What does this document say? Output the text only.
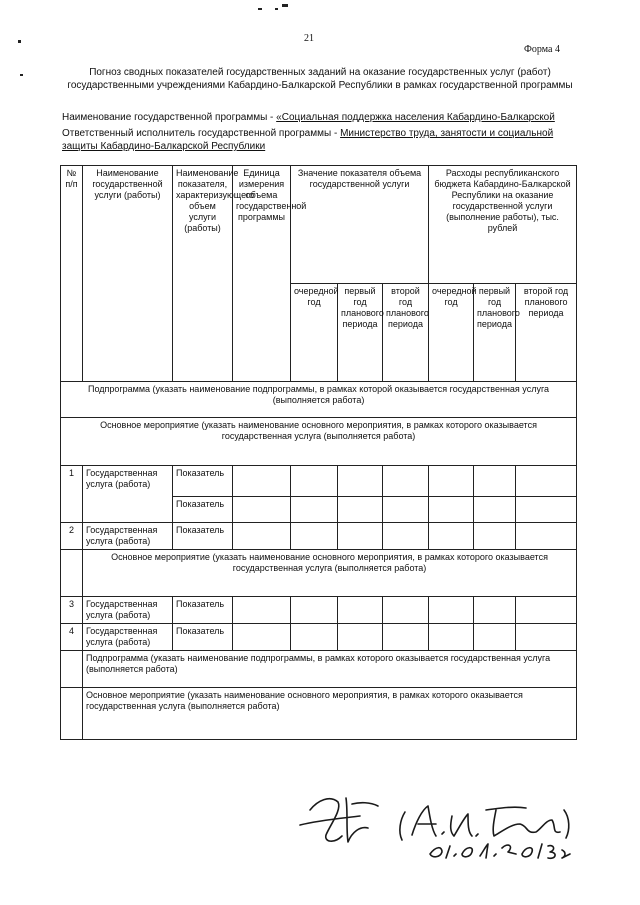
21
Форма 4
Погноз сводных показателей государственных заданий на оказание государственных услуг (работ) государственными учреждениями Кабардино-Балкарской Республики в рамках государственной программы
Наименование государственной программы - «Социальная поддержка населения Кабардино-Балкарской
Ответственный исполнитель государственной программы - Министерство труда, занятости и социальной защиты Кабардино-Балкарской Республики
№ п/п	Наименование государственной услуги (работы)	Наименование показателя, характеризующего объем услуги (работы)	Единица измерения объема государственной программы	Значение показателя объема государственной услуги			Расходы республиканского бюджета Кабардино-Балкарской Республики на оказание государственной услуги (выполнение работы), тыс. рублей		
				очередной год	первый год планового периода	второй год планового периода	очередной год	первый год планового периода	второй год планового периода
Подпрограмма (указать наименование подпрограммы, в рамках которой оказывается государственная услуга (выполняется работа)									
Основное мероприятие (указать наименование основного мероприятия, в рамках которого оказывается государственная услуга (выполняется работа)									
1	Государственная услуга (работа)	Показатель							
		Показатель							
2	Государственная услуга (работа)	Показатель							
	Основное мероприятие (указать наименование основного мероприятия, в рамках которого оказывается государственная услуга (выполняется работа)								
3	Государственная услуга (работа)	Показатель							
4	Государственная услуга (работа)	Показатель							
	Подпрограмма (указать наименование подпрограммы, в рамках которого оказывается государственная услуга (выполняется работа)								
	Основное мероприятие (указать наименование основного мероприятия, в рамках которого оказывается государственная услуга (выполняется работа)								
